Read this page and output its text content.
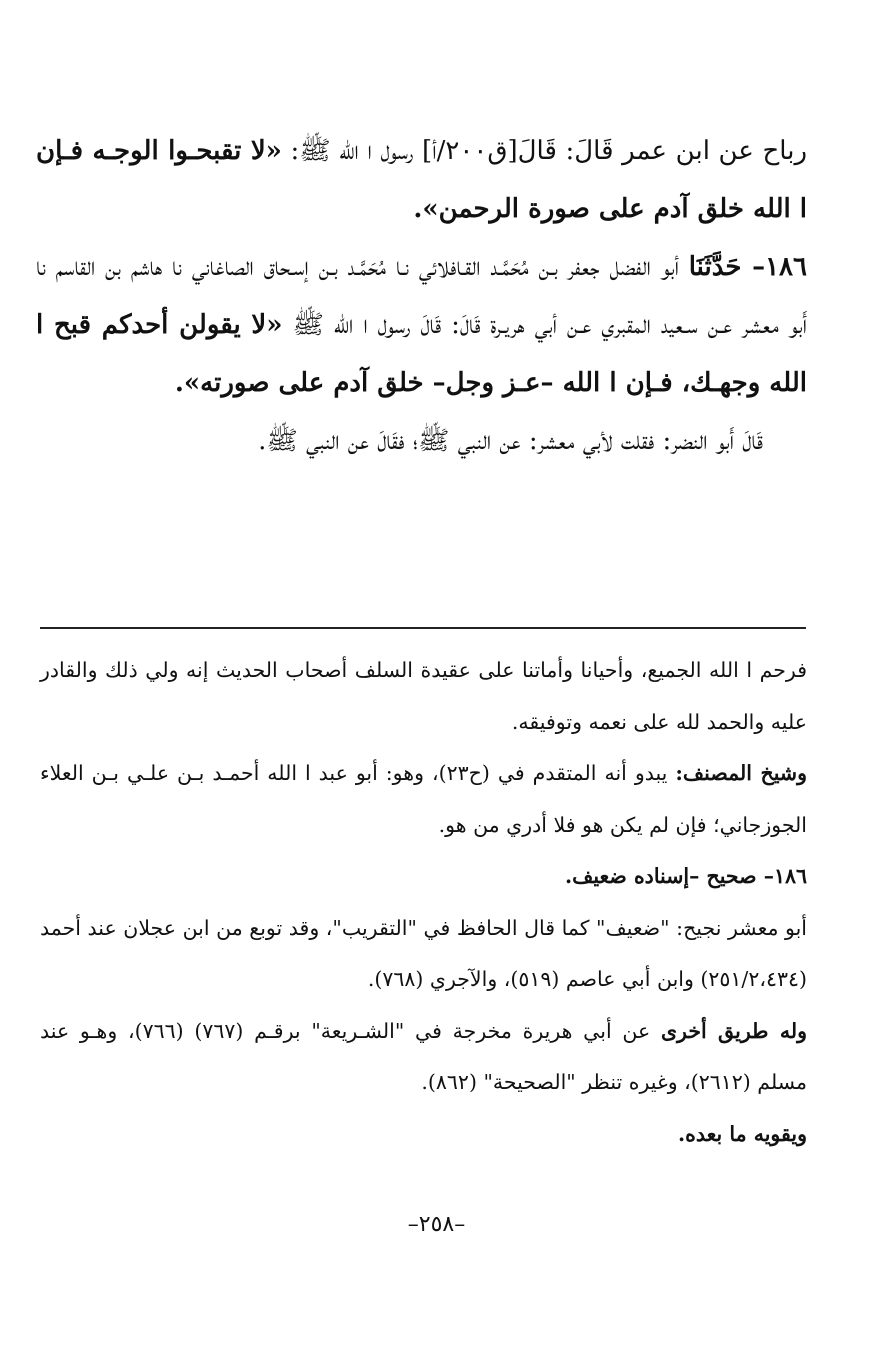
رباح عن ابن عمر قَالَ: قَالَ[ق٢٠٠/أ] رسول ا الله ﷺ: «لا تقبحـوا الوجـه فـإن ا الله خلق آدم على صورة الرحمن».

١٨٦– حَدَّثَنَا أبو الفضل جعفر بـن مُحَمَّـد القـافلائي نـا مُحَمَّـد بـن إسـحاق الصاغاني نا هاشم بن القاسم نا أَبو معشر عـن سـعيد المقبري عـن أبي هريـرة قَالَ: قَالَ رسول ا الله ﷺ «لا يقولن أحدكم قبح ا الله وجهـك، فـإن ا الله –عـز وجل– خلق آدم على صورته».

قَالَ أَبو النضر: فقلت لأبي معشر: عن النبي ﷺ؛ فقَالَ عن النبي ﷺ.

فرحم ا الله الجميع، وأحيانا وأماتنا على عقيدة السلف أصحاب الحديث إنه ولي ذلك والقادر عليه والحمد لله على نعمه وتوفيقه.

وشيخ المصنف: يبدو أنه المتقدم في (ح٢٣)، وهو: أبو عبد ا الله أحمـد بـن علـي بـن العلاء الجوزجاني؛ فإن لم يكن هو فلا أدري من هو.

١٨٦– صحيح –إسناده ضعيف.

أبو معشر نجيح: "ضعيف" كما قال الحافظ في "التقريب"، وقد توبع من ابن عجلان عند أحمد (٢٥١/٢،٤٣٤) وابن أبي عاصم (٥١٩)، والآجري (٧٦٨).

وله طريق أخرى عن أبي هريرة مخرجة في "الشـريعة" برقـم (٧٦٧) (٧٦٦)، وهـو عند مسلم (٢٦١٢)، وغيره تنظر "الصحيحة" (٨٦٢).

ويقويه ما بعده.

–٢٥٨–
